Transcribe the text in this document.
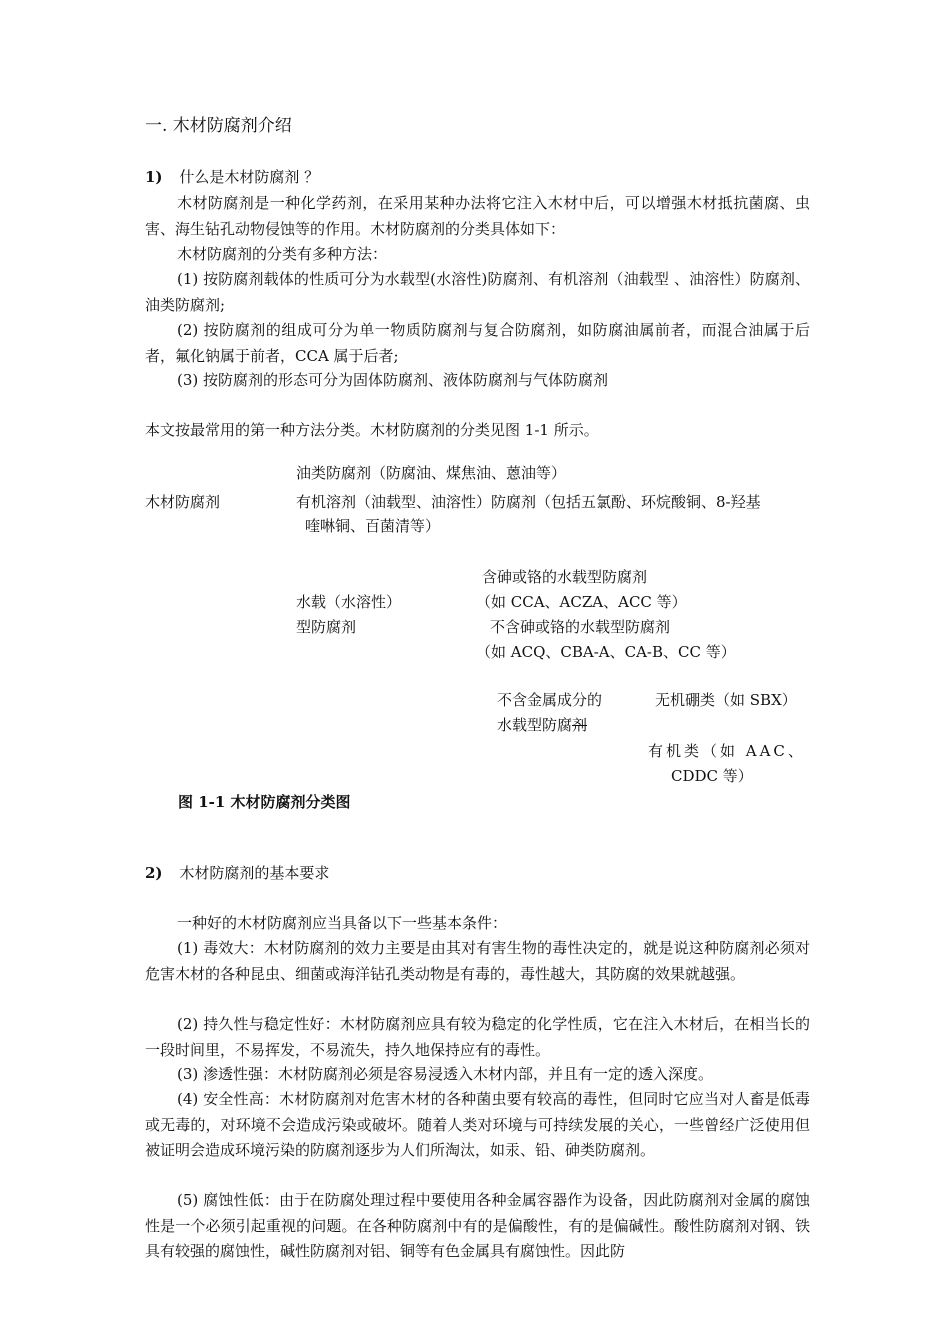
一. 木材防腐剂介绍
1) 什么是木材防腐剂 ？
木材防腐剂是一种化学药剂，在采用某种办法将它注入木材中后，可以增强木材抵抗菌腐、虫害、海生钻孔动物侵蚀等的作用。木材防腐剂的分类具体如下：
木材防腐剂的分类有多种方法：
(1) 按防腐剂载体的性质可分为水载型(水溶性)防腐剂、有机溶剂（油载型 、油溶性）防腐剂、油类防腐剂;
(2) 按防腐剂的组成可分为单一物质防腐剂与复合防腐剂，如防腐油属前者，而混合油属于后者，氟化钠属于前者，CCA 属于后者;
(3) 按防腐剂的形态可分为固体防腐剂、液体防腐剂与气体防腐剂
本文按最常用的第一种方法分类。木材防腐剂的分类见图 1-1 所示。
油类防腐剂（防腐油、煤焦油、蒽油等）
木材防腐剂	有机溶剂（油载型、油溶性）防腐剂（包括五氯酚、环烷酸铜、8-羟基
喹啉铜、百菌清等）
含砷或铬的水载型防腐剂
水载（水溶性）	（如 CCA、ACZA、ACC 等）
型防腐剂	不含砷或铬的水载型防腐剂
（如 ACQ、CBA-A、CA-B、CC 等）
不含金属成分的	无机硼类（如 SBX）
水载型防腐剂
有机类（如 AAC、
CDDC 等）
图 1-1 木材防腐剂分类图
2) 木材防腐剂的基本要求
一种好的木材防腐剂应当具备以下一些基本条件：
(1) 毒效大：木材防腐剂的效力主要是由其对有害生物的毒性决定的，就是说这种防腐剂必须对危害木材的各种昆虫、细菌或海洋钻孔类动物是有毒的，毒性越大，其防腐的效果就越强。
(2) 持久性与稳定性好：木材防腐剂应具有较为稳定的化学性质，它在注入木材后，在相当长的一段时间里，不易挥发，不易流失，持久地保持应有的毒性。
(3) 渗透性强：木材防腐剂必须是容易浸透入木材内部，并且有一定的透入深度。
(4) 安全性高：木材防腐剂对危害木材的各种菌虫要有较高的毒性，但同时它应当对人畜是低毒或无毒的，对环境不会造成污染或破坏。随着人类对环境与可持续发展的关心，一些曾经广泛使用但被证明会造成环境污染的防腐剂逐步为人们所淘汰，如汞、铅、砷类防腐剂。
(5) 腐蚀性低：由于在防腐处理过程中要使用各种金属容器作为设备，因此防腐剂对金属的腐蚀性是一个必须引起重视的问题。在各种防腐剂中有的是偏酸性，有的是偏碱性。酸性防腐剂对钢、铁具有较强的腐蚀性，碱性防腐剂对铝、铜等有色金属具有腐蚀性。因此防
